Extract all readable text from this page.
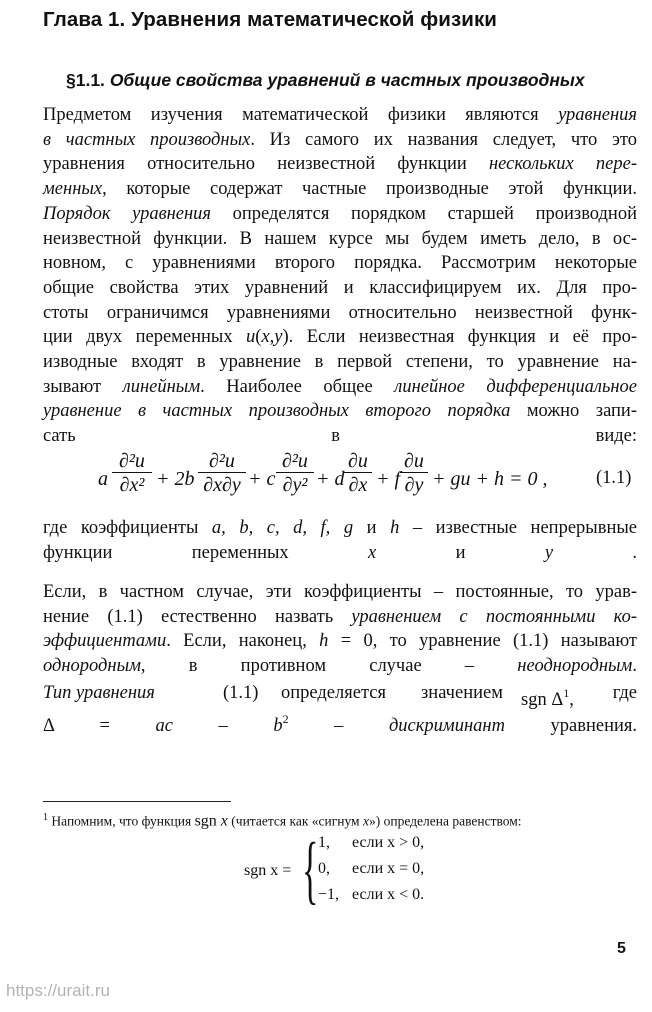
Глава 1. Уравнения математической физики
§1.1. Общие свойства уравнений в частных производных
Предметом изучения математической физики являются уравнения
в частных производных. Из самого их названия следует, что это
уравнения относительно неизвестной функции нескольких пере-
менных, которые содержат частные производные этой функции.
Порядок уравнения определятся порядком старшей производной
неизвестной функции. В нашем курсе мы будем иметь дело, в ос-
новном, с уравнениями второго порядка. Рассмотрим некоторые
общие свойства этих уравнений и классифицируем их. Для про-
стоты ограничимся уравнениями относительно неизвестной функ-
ции двух переменных u(x,y). Если неизвестная функция и её про-
изводные входят в уравнение в первой степени, то уравнение на-
зывают линейным. Наиболее общее линейное дифференциальное
уравнение в частных производных второго порядка можно запи-
сать в виде:
a
∂²u
∂x² + 2b
∂²u
∂x∂y + c
∂²u
∂y² + d
∂u
∂x + f
∂u
∂y + gu + h = 0 ,	(1.1)
где коэффициенты a, b, c, d, f, g и h – известные непрерывные
функции переменных x и y .
Если, в частном случае, эти коэффициенты – постоянные, то урав-
нение (1.1) естественно назвать уравнением с постоянными ко-
эффициентами. Если, наконец, h = 0, то уравнение (1.1) называют
однородным, в противном случае – неоднородным.
Тип уравнения	(1.1) определяется значением sgn $\Delta^1$, где
Δ = ac – $b^2$ – дискриминант уравнения.
$^1$ Напомним, что функция sgn x (читается как «сигнум x») определена равенством:
sgn x = { 1, если x > 0,
0, если x = 0,
−1, если x < 0.
5
https://urait.ru
